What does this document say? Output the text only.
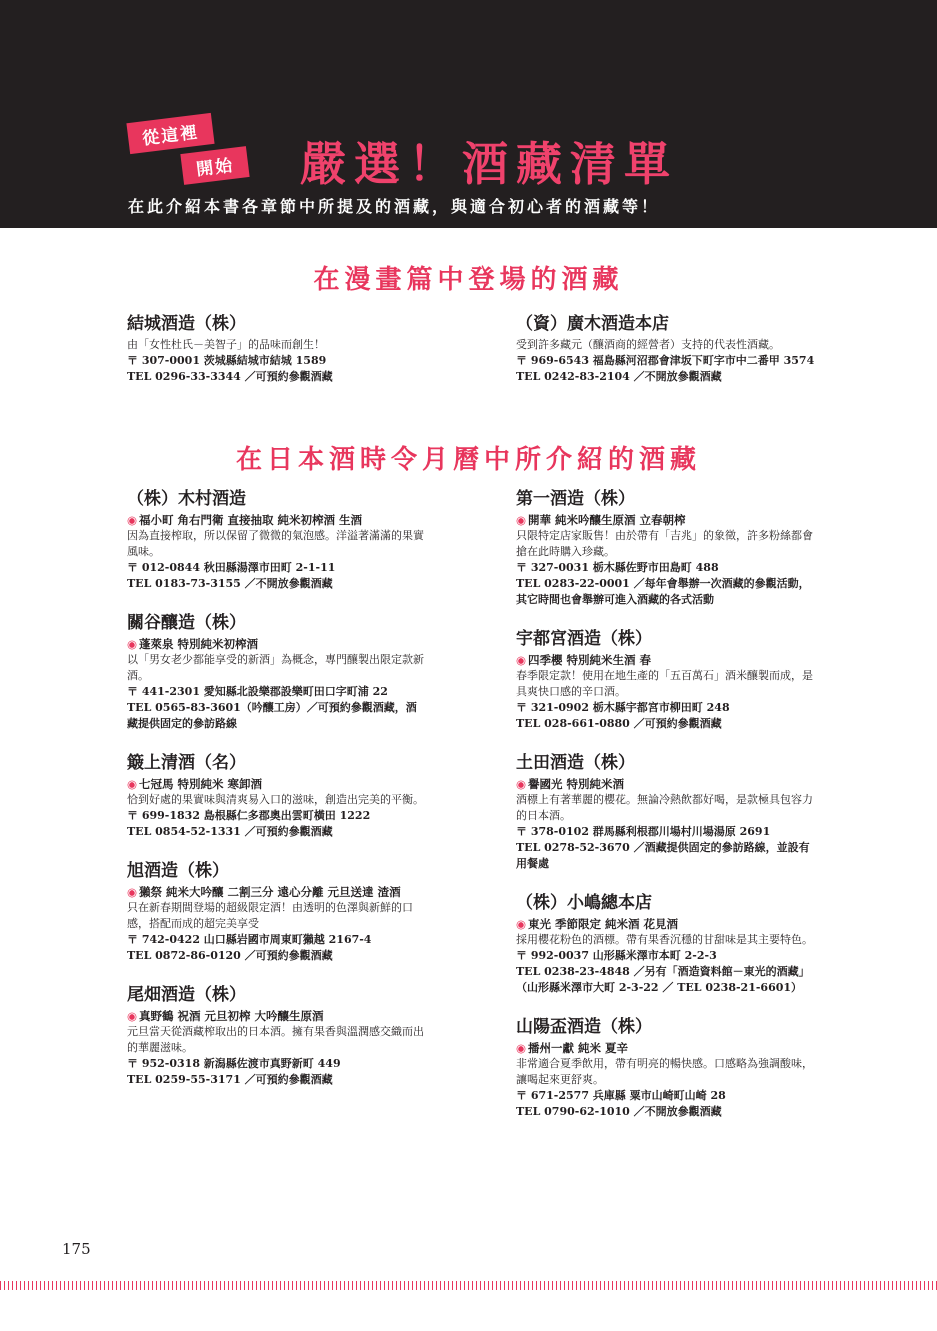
從這裡
開始	嚴選！酒藏清單
在此介紹本書各章節中所提及的酒藏，與適合初心者的酒藏等！
在漫畫篇中登場的酒藏
結城酒造（株）
由「女性杜氏－美智子」的品味而創生！
〒 307-0001 茨城縣結城市結城 1589
TEL 0296-33-3344 ／可預約參觀酒藏
（資）廣木酒造本店
受到許多藏元（釀酒商的經營者）支持的代表性酒藏。
〒 969-6543 福島縣河沼郡會津坂下町字市中二番甲 3574
TEL 0242-83-2104 ／不開放參觀酒藏
在日本酒時令月曆中所介紹的酒藏
（株）木村酒造
◉ 福小町 角右門衛 直接抽取 純米初榨酒 生酒
因為直接榨取，所以保留了微微的氣泡感。洋溢著滿滿的果實風味。
〒 012-0844 秋田縣湯澤市田町 2-1-11
TEL 0183-73-3155 ／不開放參觀酒藏
關谷釀造（株）
◉ 蓬萊泉 特別純米初榨酒
以「男女老少都能享受的新酒」為概念，專門釀製出限定款新酒。
〒 441-2301 愛知縣北設樂郡設樂町田口字町浦 22
TEL 0565-83-3601（吟釀工房）／可預約參觀酒藏，酒藏提供固定的參訪路線
簸上清酒（名）
◉ 七冠馬 特別純米 寒卸酒
恰到好處的果實味與清爽易入口的滋味，創造出完美的平衡。
〒 699-1832 島根縣仁多郡奧出雲町橫田 1222
TEL 0854-52-1331 ／可預約參觀酒藏
旭酒造（株）
◉ 獺祭 純米大吟釀 二割三分 遠心分離 元旦送達 渣酒
只在新春期間登場的超級限定酒！由透明的色澤與新鮮的口感，搭配而成的超完美享受
〒 742-0422 山口縣岩國市周東町獺越 2167-4
TEL 0872-86-0120 ／可預約參觀酒藏
尾畑酒造（株）
◉ 真野鶴 祝酒 元旦初榨 大吟釀生原酒
元旦當天從酒藏榨取出的日本酒。擁有果香與溫潤感交織而出的華麗滋味。
〒 952-0318 新潟縣佐渡市真野新町 449
TEL 0259-55-3171 ／可預約參觀酒藏
第一酒造（株）
◉ 開華 純米吟釀生原酒 立春朝榨
只限特定店家販售！由於帶有「吉兆」的象徵，許多粉絲都會搶在此時購入珍藏。
〒 327-0031 栃木縣佐野市田島町 488
TEL 0283-22-0001 ／每年會舉辦一次酒藏的參觀活動，其它時間也會舉辦可進入酒藏的各式活動
宇都宮酒造（株）
◉ 四季櫻 特別純米生酒 春
春季限定款！使用在地生產的「五百萬石」酒米釀製而成，是具爽快口感的辛口酒。
〒 321-0902 栃木縣宇都宮市柳田町 248
TEL 028-661-0880 ／可預約參觀酒藏
土田酒造（株）
◉ 譽國光 特別純米酒
酒標上有著華麗的櫻花。無論冷熱飲都好喝，是款極具包容力的日本酒。
〒 378-0102 群馬縣利根郡川場村川場湯原 2691
TEL 0278-52-3670 ／酒藏提供固定的參訪路線，並設有用餐處
（株）小嶋總本店
◉ 東光 季節限定 純米酒 花見酒
採用櫻花粉色的酒標。帶有果香沉穩的甘甜味是其主要特色。
〒 992-0037 山形縣米澤市本町 2-2-3
TEL 0238-23-4848 ／另有「酒造資料館－東光的酒藏」（山形縣米澤市大町 2-3-22 ／ TEL 0238-21-6601）
山陽盃酒造（株）
◉ 播州一獻 純米 夏辛
非常適合夏季飲用，帶有明亮的暢快感。口感略為強調酸味，讓喝起來更舒爽。
〒 671-2577 兵庫縣 粟市山崎町山崎 28
TEL 0790-62-1010 ／不開放參觀酒藏
175
